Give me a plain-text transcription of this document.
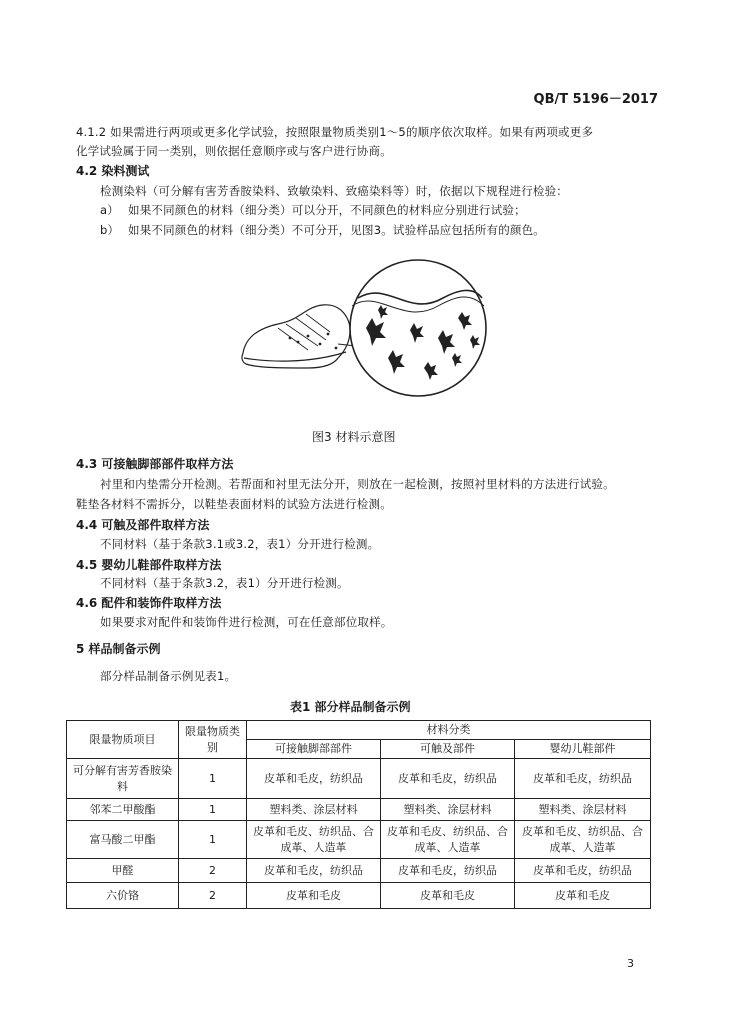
QB/T 5196－2017
4.1.2 如果需进行两项或更多化学试验，按照限量物质类别1～5的顺序依次取样。如果有两项或更多
化学试验属于同一类别，则依据任意顺序或与客户进行协商。
4.2 染料测试
检测染料（可分解有害芳香胺染料、致敏染料、致癌染料等）时，依据以下规程进行检验：
a） 如果不同颜色的材料（细分类）可以分开，不同颜色的材料应分别进行试验；
b） 如果不同颜色的材料（细分类）不可分开，见图3。试验样品应包括所有的颜色。
图3 材料示意图
4.3 可接触脚部部件取样方法
衬里和内垫需分开检测。若帮面和衬里无法分开，则放在一起检测，按照衬里材料的方法进行试验。
鞋垫各材料不需拆分，以鞋垫表面材料的试验方法进行检测。
4.4 可触及部件取样方法
不同材料（基于条款3.1或3.2，表1）分开进行检测。
4.5 婴幼儿鞋部件取样方法
不同材料（基于条款3.2，表1）分开进行检测。
4.6 配件和装饰件取样方法
如果要求对配件和装饰件进行检测，可在任意部位取样。
5 样品制备示例
部分样品制备示例见表1。
表1 部分样品制备示例
限量物质项目	限量物质类别	材料分类		
		可接触脚部部件	可触及部件	婴幼儿鞋部件
可分解有害芳香胺染料	1	皮革和毛皮，纺织品	皮革和毛皮，纺织品	皮革和毛皮，纺织品
邻苯二甲酸酯	1	塑料类、涂层材料	塑料类、涂层材料	塑料类、涂层材料
富马酸二甲酯	1	皮革和毛皮、纺织品、合成革、人造革	皮革和毛皮、纺织品、合成革、人造革	皮革和毛皮、纺织品、合成革、人造革
甲醛	2	皮革和毛皮，纺织品	皮革和毛皮，纺织品	皮革和毛皮，纺织品
六价铬	2	皮革和毛皮	皮革和毛皮	皮革和毛皮
3
